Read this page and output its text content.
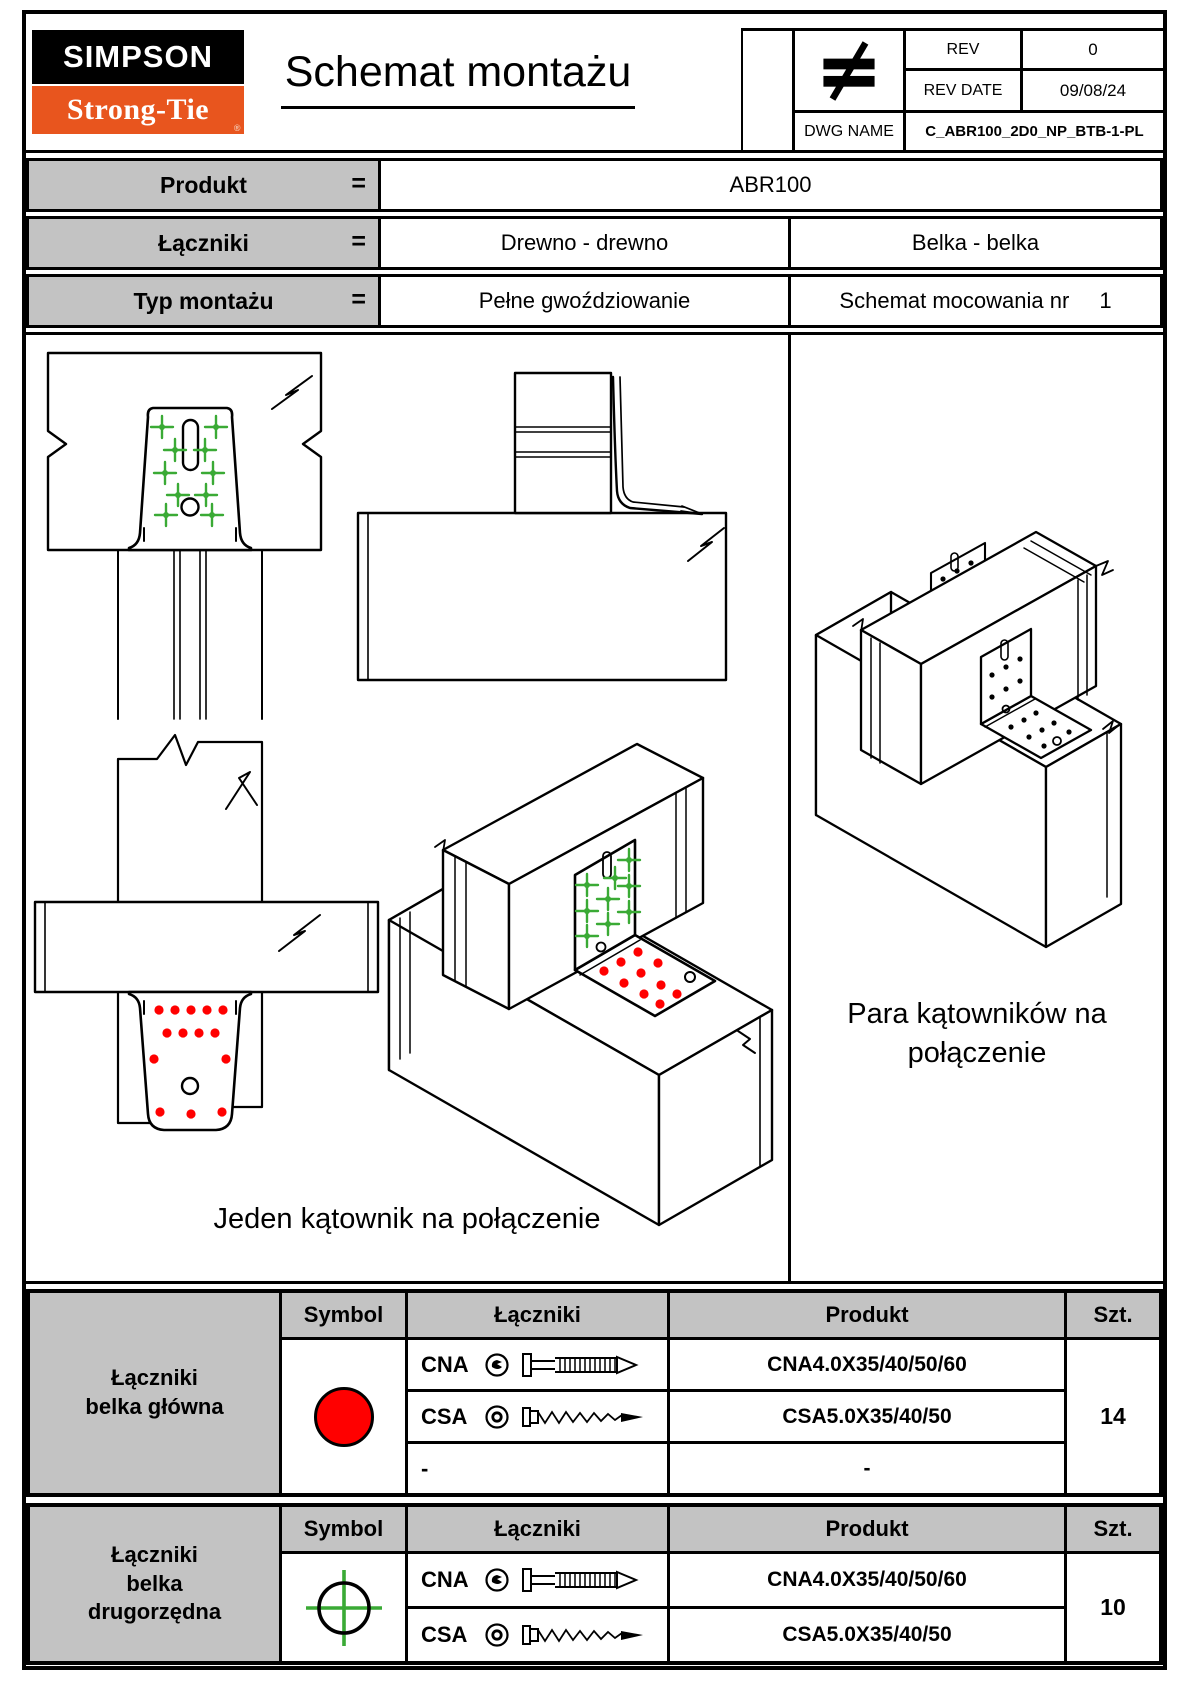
SIMPSON
Strong-Tie
®
Schemat montażu	REV	0
REV DATE	09/08/24
DWG NAME	C_ABR100_2D0_NP_BTB-1-PL
Produkt	=	ABR100
Łączniki	=	Drewno - drewno	Belka - belka
Typ montażu	=	Pełne gwoździowanie	Schemat mocowania nr 1
Jeden kątownik na połączenie
Para kątowników na
połączenie
Łączniki
belka główna
Symbol	Łączniki	Produkt	Szt.
CNA	CNA4.0X35/40/50/60
CSA	CSA5.0X35/40/50
-	-
14
Łączniki
belka
drugorzędna
Symbol	Łączniki	Produkt	Szt.
CNA	CNA4.0X35/40/50/60
CSA	CSA5.0X35/40/50
10
